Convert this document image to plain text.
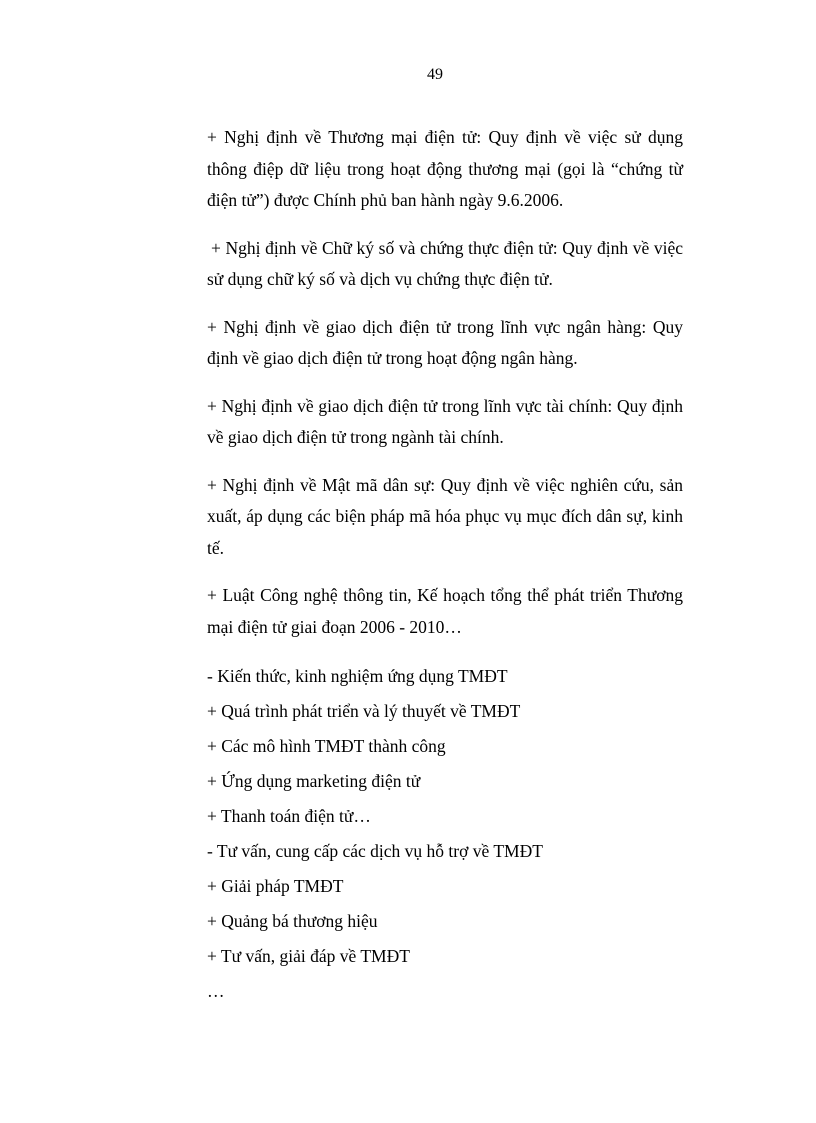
49

+ Nghị định về Thương mại điện tử: Quy định về việc sử dụng thông điệp dữ liệu trong hoạt động thương mại (gọi là “chứng từ điện tử”) được Chính phủ ban hành ngày 9.6.2006.

+ Nghị định về Chữ ký số và chứng thực điện tử: Quy định về việc sử dụng chữ ký số và dịch vụ chứng thực điện tử.

+ Nghị định về giao dịch điện tử trong lĩnh vực ngân hàng: Quy định về giao dịch điện tử trong hoạt động ngân hàng.

+ Nghị định về giao dịch điện tử trong lĩnh vực tài chính: Quy định về giao dịch điện tử trong ngành tài chính.

+ Nghị định về Mật mã dân sự: Quy định về việc nghiên cứu, sản xuất, áp dụng các biện pháp mã hóa phục vụ mục đích dân sự, kinh tế.

+ Luật Công nghệ thông tin, Kế hoạch tổng thể phát triển Thương mại điện tử giai đoạn 2006 - 2010…

- Kiến thức, kinh nghiệm ứng dụng TMĐT

+ Quá trình phát triển và lý thuyết về TMĐT

+ Các mô hình TMĐT thành công

+ Ứng dụng marketing điện tử

+ Thanh toán điện tử…

- Tư vấn, cung cấp các dịch vụ hỗ trợ về TMĐT

+ Giải pháp TMĐT

+ Quảng bá thương hiệu

+ Tư vấn, giải đáp về TMĐT

…
